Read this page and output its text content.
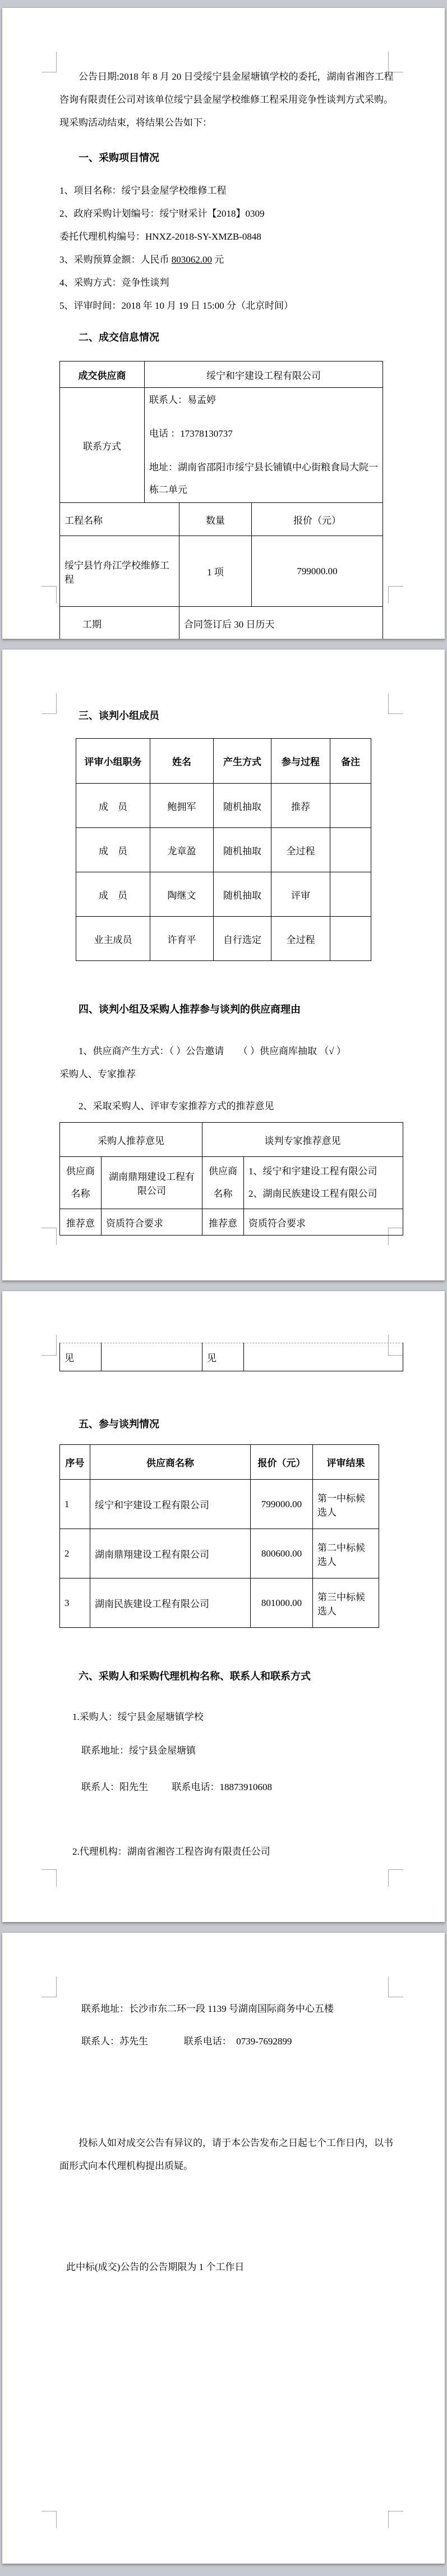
公告日期:2018 年 8 月 20 日受绥宁县金屋塘镇学校的委托，湖南省湘咨工程咨询有限责任公司对该单位绥宁县金屋学校维修工程采用竞争性谈判方式采购。现采购活动结束，将结果公告如下：

一、采购项目情况

1、项目名称：绥宁县金屋学校维修工程

2、政府采购计划编号：绥宁财采计【2018】0309

委托代理机构编号：HNXZ-2018-SY-XMZB-0848

3、采购预算金额：人民币 803062.00 元

4、采购方式：竞争性谈判

5、评审时间：2018 年 10 月 19 日 15:00 分（北京时间）

二、成交信息情况

成交供应商	绥宁和宇建设工程有限公司
联系方式	联系人：易孟婷

电话 ：17378130737

地址：湖南省邵阳市绥宁县长铺镇中心街粮食局大院一栋二单元

工程名称	数量	报价（元）
绥宁县竹舟江学校维修工程	1 项	799000.00
工期	合同签订后 30 日历天	

三、谈判小组成员

评审小组职务	姓名	产生方式	参与过程	备注
成　员	鲍拥军	随机抽取	推荐	
成　员	龙章盈	随机抽取	全过程	
成　员	陶继文	随机抽取	评审	
业主成员	许育平	自行选定	全过程	

四、谈判小组及采购人推荐参与谈判的供应商理由

1、供应商产生方式：（ ）公告邀请      （ ）供应商库抽取 （√ ）

采购人、专家推荐

2、采取采购人、评审专家推荐方式的推荐意见

采购人推荐意见		谈判专家推荐意见	
供应商名称	湖南鼎翔建设工程有限公司	供应商名称	1、绥宁和宇建设工程有限公司

2、湖南民族建设工程有限公司

推荐意	资质符合要求	推荐意	资质符合要求
见		见	

五、参与谈判情况

序号	供应商名称	报价（元）	评审结果
1	绥宁和宇建设工程有限公司	799000.00	第一中标候选人
2	湖南鼎翔建设工程有限公司	800600.00	第二中标候选人
3	湖南民族建设工程有限公司	801000.00	第三中标候选人

六、采购人和采购代理机构名称、联系人和联系方式

1.采购人：绥宁县金屋塘镇学校

联系地址：绥宁县金屋塘镇

联系人：阳先生          联系电话：18873910608

2.代理机构：湖南省湘咨工程咨询有限责任公司

联系地址：长沙市东二环一段 1139 号湖南国际商务中心五楼

联系人：苏先生               联系电话：  0739-7692899

投标人如对成交公告有异议的，请于本公告发布之日起七个工作日内，以书面形式向本代理机构提出质疑。

此中标(成交)公告的公告期限为 1 个工作日
